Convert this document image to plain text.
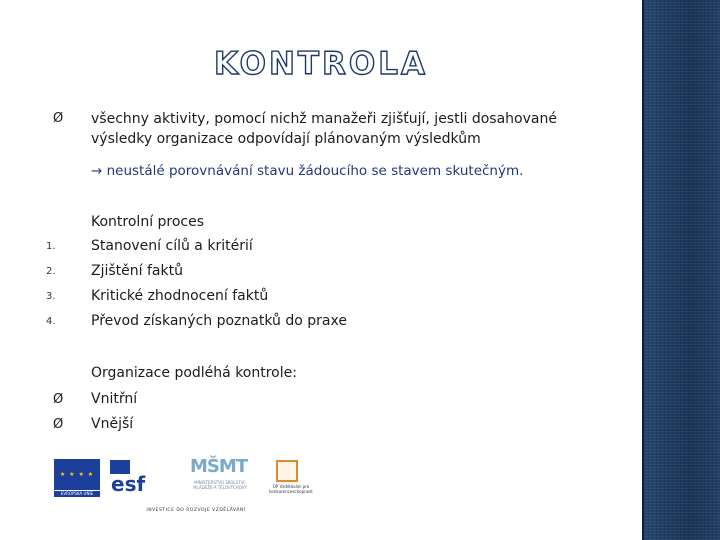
KONTROLA
Ø všechny aktivity, pomocí nichž manažeři zjišťují, jestli dosahované
výsledky organizace odpovídají plánovaným výsledkům
→ neustálé porovnávání stavu žádoucího se stavem skutečným.
Kontrolní proces
1.	Stanovení cílů a kritérií
2.	Zjištění faktů
3.	Kritické zhodnocení faktů
4.	Převod získaných poznatků do praxe
Organizace podléhá kontrole:
Ø Vnitřní
Ø Vnější
★ ★ ★ ★
EVROPSKÁ UNIE esf
MŠMT
MINISTERSTVO ŠKOLSTVÍ, MLÁDEŽE A TĚLOVÝCHOVY	OP Vzdělávání pro konkurenceschopnost
INVESTICE DO ROZVOJE VZDĚLÁVÁNÍ
